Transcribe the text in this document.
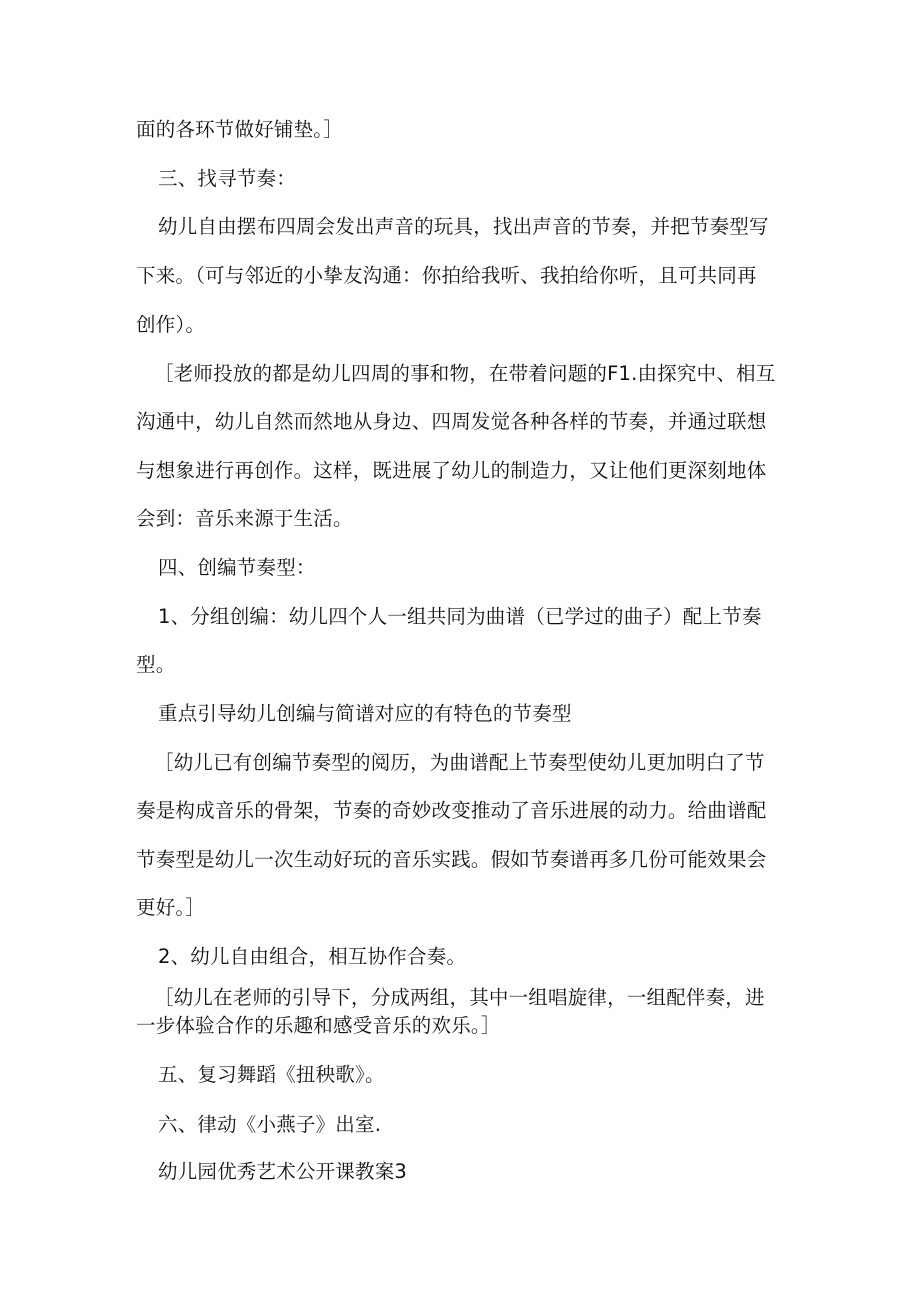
面的各环节做好铺垫。］
三、找寻节奏：
幼儿自由摆布四周会发出声音的玩具，找出声音的节奏，并把节奏型写
下来。（可与邻近的小挚友沟通：你拍给我听、我拍给你听，且可共同再
创作）。
［老师投放的都是幼儿四周的事和物，在带着问题的F1.由探究中、相互
沟通中，幼儿自然而然地从身边、四周发觉各种各样的节奏，并通过联想
与想象进行再创作。这样，既进展了幼儿的制造力，又让他们更深刻地体
会到：音乐来源于生活。
四、创编节奏型：
1、分组创编：幼儿四个人一组共同为曲谱（已学过的曲子）配上节奏
型。
重点引导幼儿创编与简谱对应的有特色的节奏型
［幼儿已有创编节奏型的阅历，为曲谱配上节奏型使幼儿更加明白了节
奏是构成音乐的骨架，节奏的奇妙改变推动了音乐进展的动力。给曲谱配
节奏型是幼儿一次生动好玩的音乐实践。假如节奏谱再多几份可能效果会
更好。］
2、幼儿自由组合，相互协作合奏。
［幼儿在老师的引导下，分成两组，其中一组唱旋律，一组配伴奏，进
一步体验合作的乐趣和感受音乐的欢乐。］
五、复习舞蹈《扭秧歌》。
六、律动《小燕子》出室.
幼儿园优秀艺术公开课教案3
